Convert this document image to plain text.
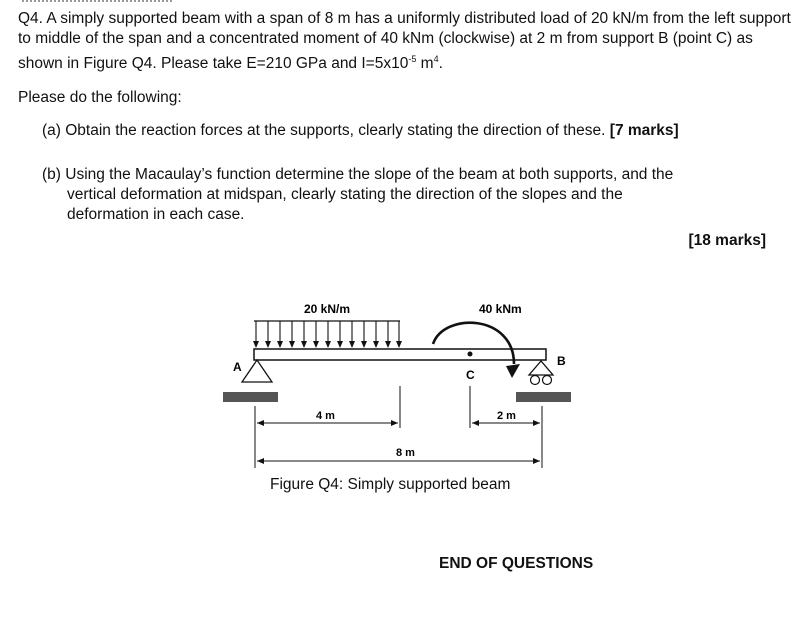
Q4. A simply supported beam with a span of 8 m has a uniformly distributed load of 20 kN/m from the left support to middle of the span and a concentrated moment of 40 kNm (clockwise) at 2 m from support B (point C) as shown in Figure Q4. Please take E=210 GPa and $I=5x10^{-5}$ $m^4$.

Please do the following:

(a) Obtain the reaction forces at the supports, clearly stating the direction of these. [7 marks]

(b) Using the Macaulay’s function determine the slope of the beam at both supports, and the
vertical deformation at midspan, clearly stating the direction of the slopes and the
deformation in each case.

[18 marks]
20 kN/m
A	B
C
40 kNm
4 m	2 m
8 m
Figure Q4: Simply supported beam
END OF QUESTIONS
